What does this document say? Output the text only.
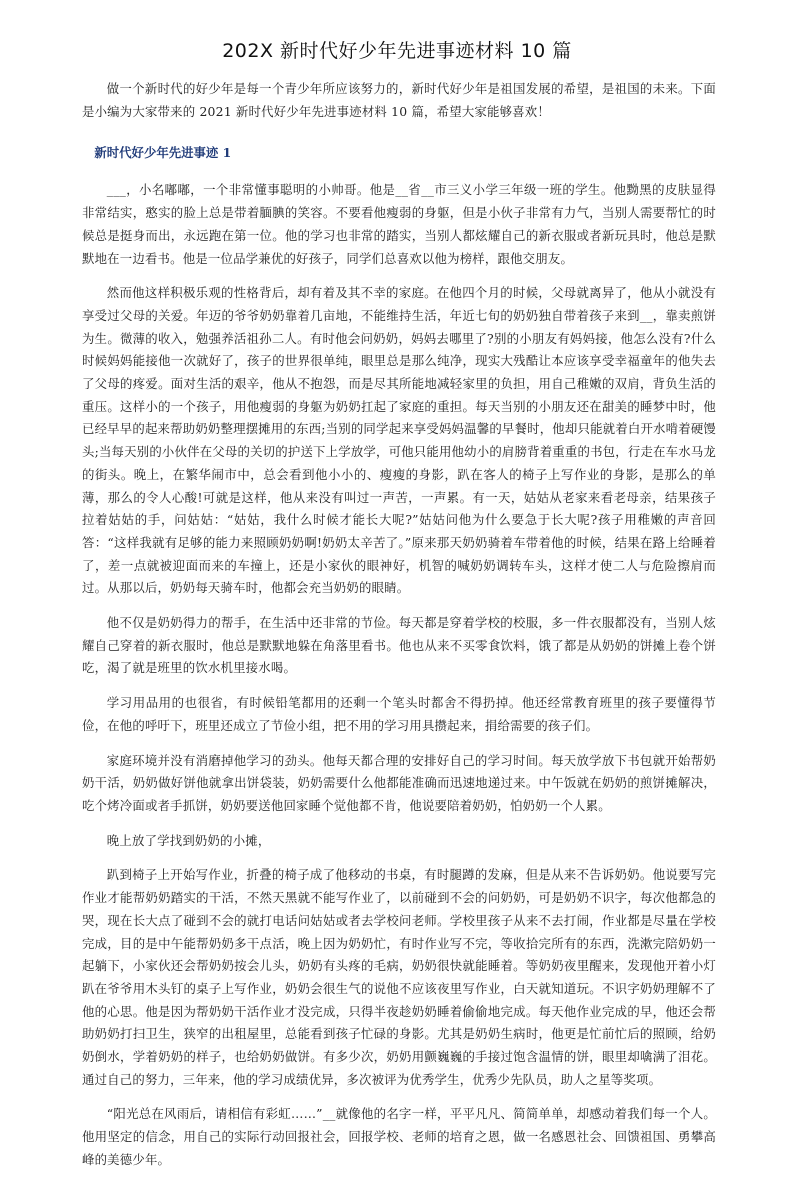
202X 新时代好少年先进事迹材料 10 篇

做一个新时代的好少年是每一个青少年所应该努力的，新时代好少年是祖国发展的希望，是祖国的未来。下面是小编为大家带来的 2021 新时代好少年先进事迹材料 10 篇，希望大家能够喜欢！

新时代好少年先进事迹 1

___，小名嘟嘟，一个非常懂事聪明的小帅哥。他是__省__市三义小学三年级一班的学生。他黝黑的皮肤显得非常结实，憨实的脸上总是带着腼腆的笑容。不要看他瘦弱的身躯，但是小伙子非常有力气，当别人需要帮忙的时候总是挺身而出，永远跑在第一位。他的学习也非常的踏实，当别人都炫耀自己的新衣服或者新玩具时，他总是默默地在一边看书。他是一位品学兼优的好孩子，同学们总喜欢以他为榜样，跟他交朋友。

然而他这样积极乐观的性格背后，却有着及其不幸的家庭。在他四个月的时候，父母就离异了，他从小就没有享受过父母的关爱。年迈的爷爷奶奶靠着几亩地，不能维持生活，年近七旬的奶奶独自带着孩子来到__，靠卖煎饼为生。微薄的收入，勉强养活祖孙二人。有时他会问奶奶，妈妈去哪里了?别的小朋友有妈妈接，他怎么没有?什么时候妈妈能接他一次就好了，孩子的世界很单纯，眼里总是那么纯净，现实大残酷让本应该享受幸福童年的他失去了父母的疼爱。面对生活的艰辛，他从不抱怨，而是尽其所能地减轻家里的负担，用自己稚嫩的双肩，背负生活的重压。这样小的一个孩子，用他瘦弱的身躯为奶奶扛起了家庭的重担。每天当别的小朋友还在甜美的睡梦中时，他已经早早的起来帮助奶奶整理摆摊用的东西;当别的同学起来享受妈妈温馨的早餐时，他却只能就着白开水啃着硬馒头;当每天别的小伙伴在父母的关切的护送下上学放学，可他只能用他幼小的肩膀背着重重的书包，行走在车水马龙的街头。晚上，在繁华闹市中，总会看到他小小的、瘦瘦的身影，趴在客人的椅子上写作业的身影，是那么的单薄，那么的令人心酸!可就是这样，他从来没有叫过一声苦，一声累。有一天，姑姑从老家来看老母亲，结果孩子拉着姑姑的手，问姑姑：“姑姑，我什么时候才能长大呢?”姑姑问他为什么要急于长大呢?孩子用稚嫩的声音回答：“这样我就有足够的能力来照顾奶奶啊!奶奶太辛苦了。”原来那天奶奶骑着车带着他的时候，结果在路上给睡着了，差一点就被迎面而来的车撞上，还是小家伙的眼神好，机智的喊奶奶调转车头，这样才使二人与危险擦肩而过。从那以后，奶奶每天骑车时，他都会充当奶奶的眼睛。

他不仅是奶奶得力的帮手，在生活中还非常的节俭。每天都是穿着学校的校服，多一件衣服都没有，当别人炫耀自己穿着的新衣服时，他总是默默地躲在角落里看书。他也从来不买零食饮料，饿了都是从奶奶的饼摊上卷个饼吃，渴了就是班里的饮水机里接水喝。

学习用品用的也很省，有时候铅笔都用的还剩一个笔头时都舍不得扔掉。他还经常教育班里的孩子要懂得节俭，在他的呼吁下，班里还成立了节俭小组，把不用的学习用具攒起来，捐给需要的孩子们。

家庭环境并没有消磨掉他学习的劲头。他每天都合理的安排好自己的学习时间。每天放学放下书包就开始帮奶奶干活，奶奶做好饼他就拿出饼袋装，奶奶需要什么他都能准确而迅速地递过来。中午饭就在奶奶的煎饼摊解决，吃个烤冷面或者手抓饼，奶奶要送他回家睡个觉他都不肯，他说要陪着奶奶，怕奶奶一个人累。

晚上放了学找到奶奶的小摊，

趴到椅子上开始写作业，折叠的椅子成了他移动的书桌，有时腿蹲的发麻，但是从来不告诉奶奶。他说要写完作业才能帮奶奶踏实的干活，不然天黑就不能写作业了，以前碰到不会的问奶奶，可是奶奶不识字，每次他都急的哭，现在长大点了碰到不会的就打电话问姑姑或者去学校问老师。学校里孩子从来不去打闹，作业都是尽量在学校完成，目的是中午能帮奶奶多干点活，晚上因为奶奶忙，有时作业写不完，等收拾完所有的东西，洗漱完陪奶奶一起躺下，小家伙还会帮奶奶按会儿头，奶奶有头疼的毛病，奶奶很快就能睡着。等奶奶夜里醒来，发现他开着小灯趴在爷爷用木头钉的桌子上写作业，奶奶会很生气的说他不应该夜里写作业，白天就知道玩。不识字奶奶理解不了他的心思。他是因为帮奶奶干活作业才没完成，只得半夜趁奶奶睡着偷偷地完成。每天他作业完成的早，他还会帮助奶奶打扫卫生，狭窄的出租屋里，总能看到孩子忙碌的身影。尤其是奶奶生病时，他更是忙前忙后的照顾，给奶奶倒水，学着奶奶的样子，也给奶奶做饼。有多少次，奶奶用颤巍巍的手接过饱含温情的饼，眼里却噙满了泪花。通过自己的努力，三年来，他的学习成绩优异，多次被评为优秀学生，优秀少先队员，助人之星等奖项。

“阳光总在风雨后，请相信有彩虹……”__就像他的名字一样，平平凡凡、简简单单，却感动着我们每一个人。他用坚定的信念，用自己的实际行动回报社会，回报学校、老师的培育之恩，做一名感恩社会、回馈祖国、勇攀高峰的美德少年。
